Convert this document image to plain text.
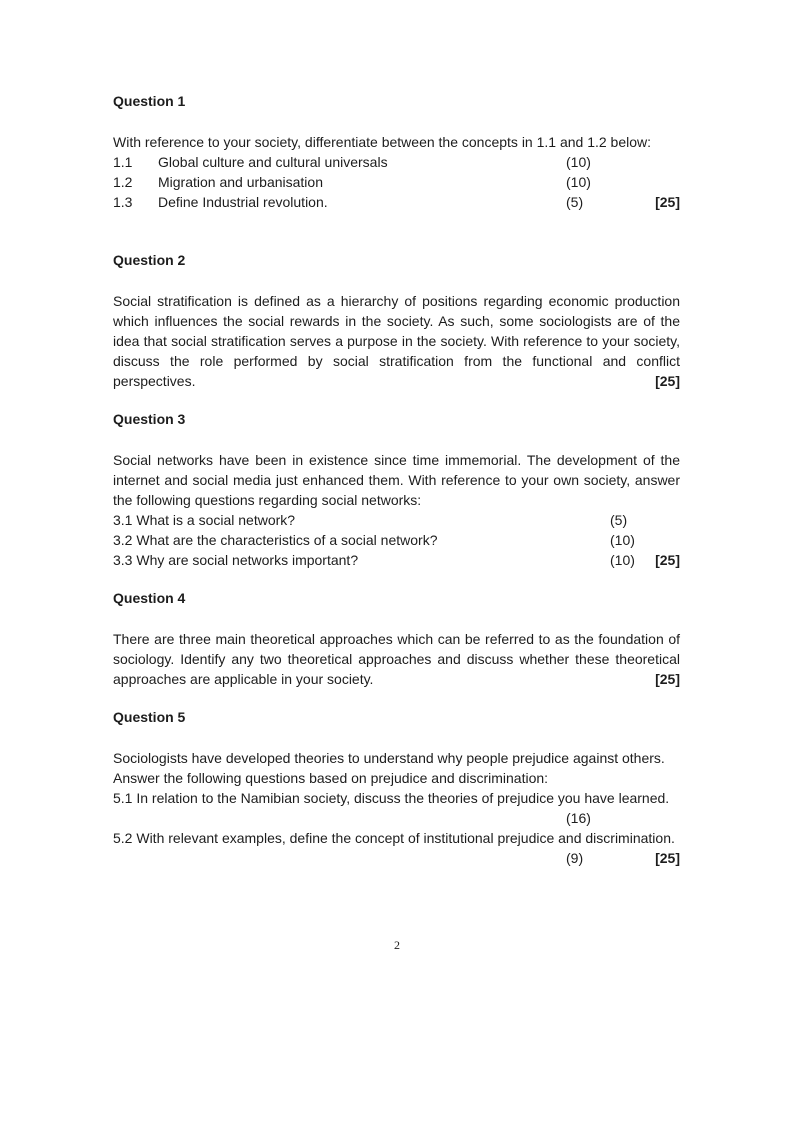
Question 1
With reference to your society, differentiate between the concepts in 1.1 and 1.2 below:
1.1 Global culture and cultural universals	(10)
1.2 Migration and urbanisation	(10)
1.3 Define Industrial revolution.	(5)	[25]
Question 2
Social stratification is defined as a hierarchy of positions regarding economic production which influences the social rewards in the society. As such, some sociologists are of the idea that social stratification serves a purpose in the society. With reference to your society, discuss the role performed by social stratification from the functional and conflict perspectives.	[25]
Question 3
Social networks have been in existence since time immemorial. The development of the internet and social media just enhanced them. With reference to your own society, answer the following questions regarding social networks:
3.1 What is a social network?	(5)
3.2 What are the characteristics of a social network?	(10)
3.3 Why are social networks important?	(10) [25]
Question 4
There are three main theoretical approaches which can be referred to as the foundation of sociology. Identify any two theoretical approaches and discuss whether these theoretical approaches are applicable in your society.	[25]
Question 5
Sociologists have developed theories to understand why people prejudice against others. Answer the following questions based on prejudice and discrimination:
5.1 In relation to the Namibian society, discuss the theories of prejudice you have learned.
(16)
5.2 With relevant examples, define the concept of institutional prejudice and discrimination.
(9)	[25]
2
